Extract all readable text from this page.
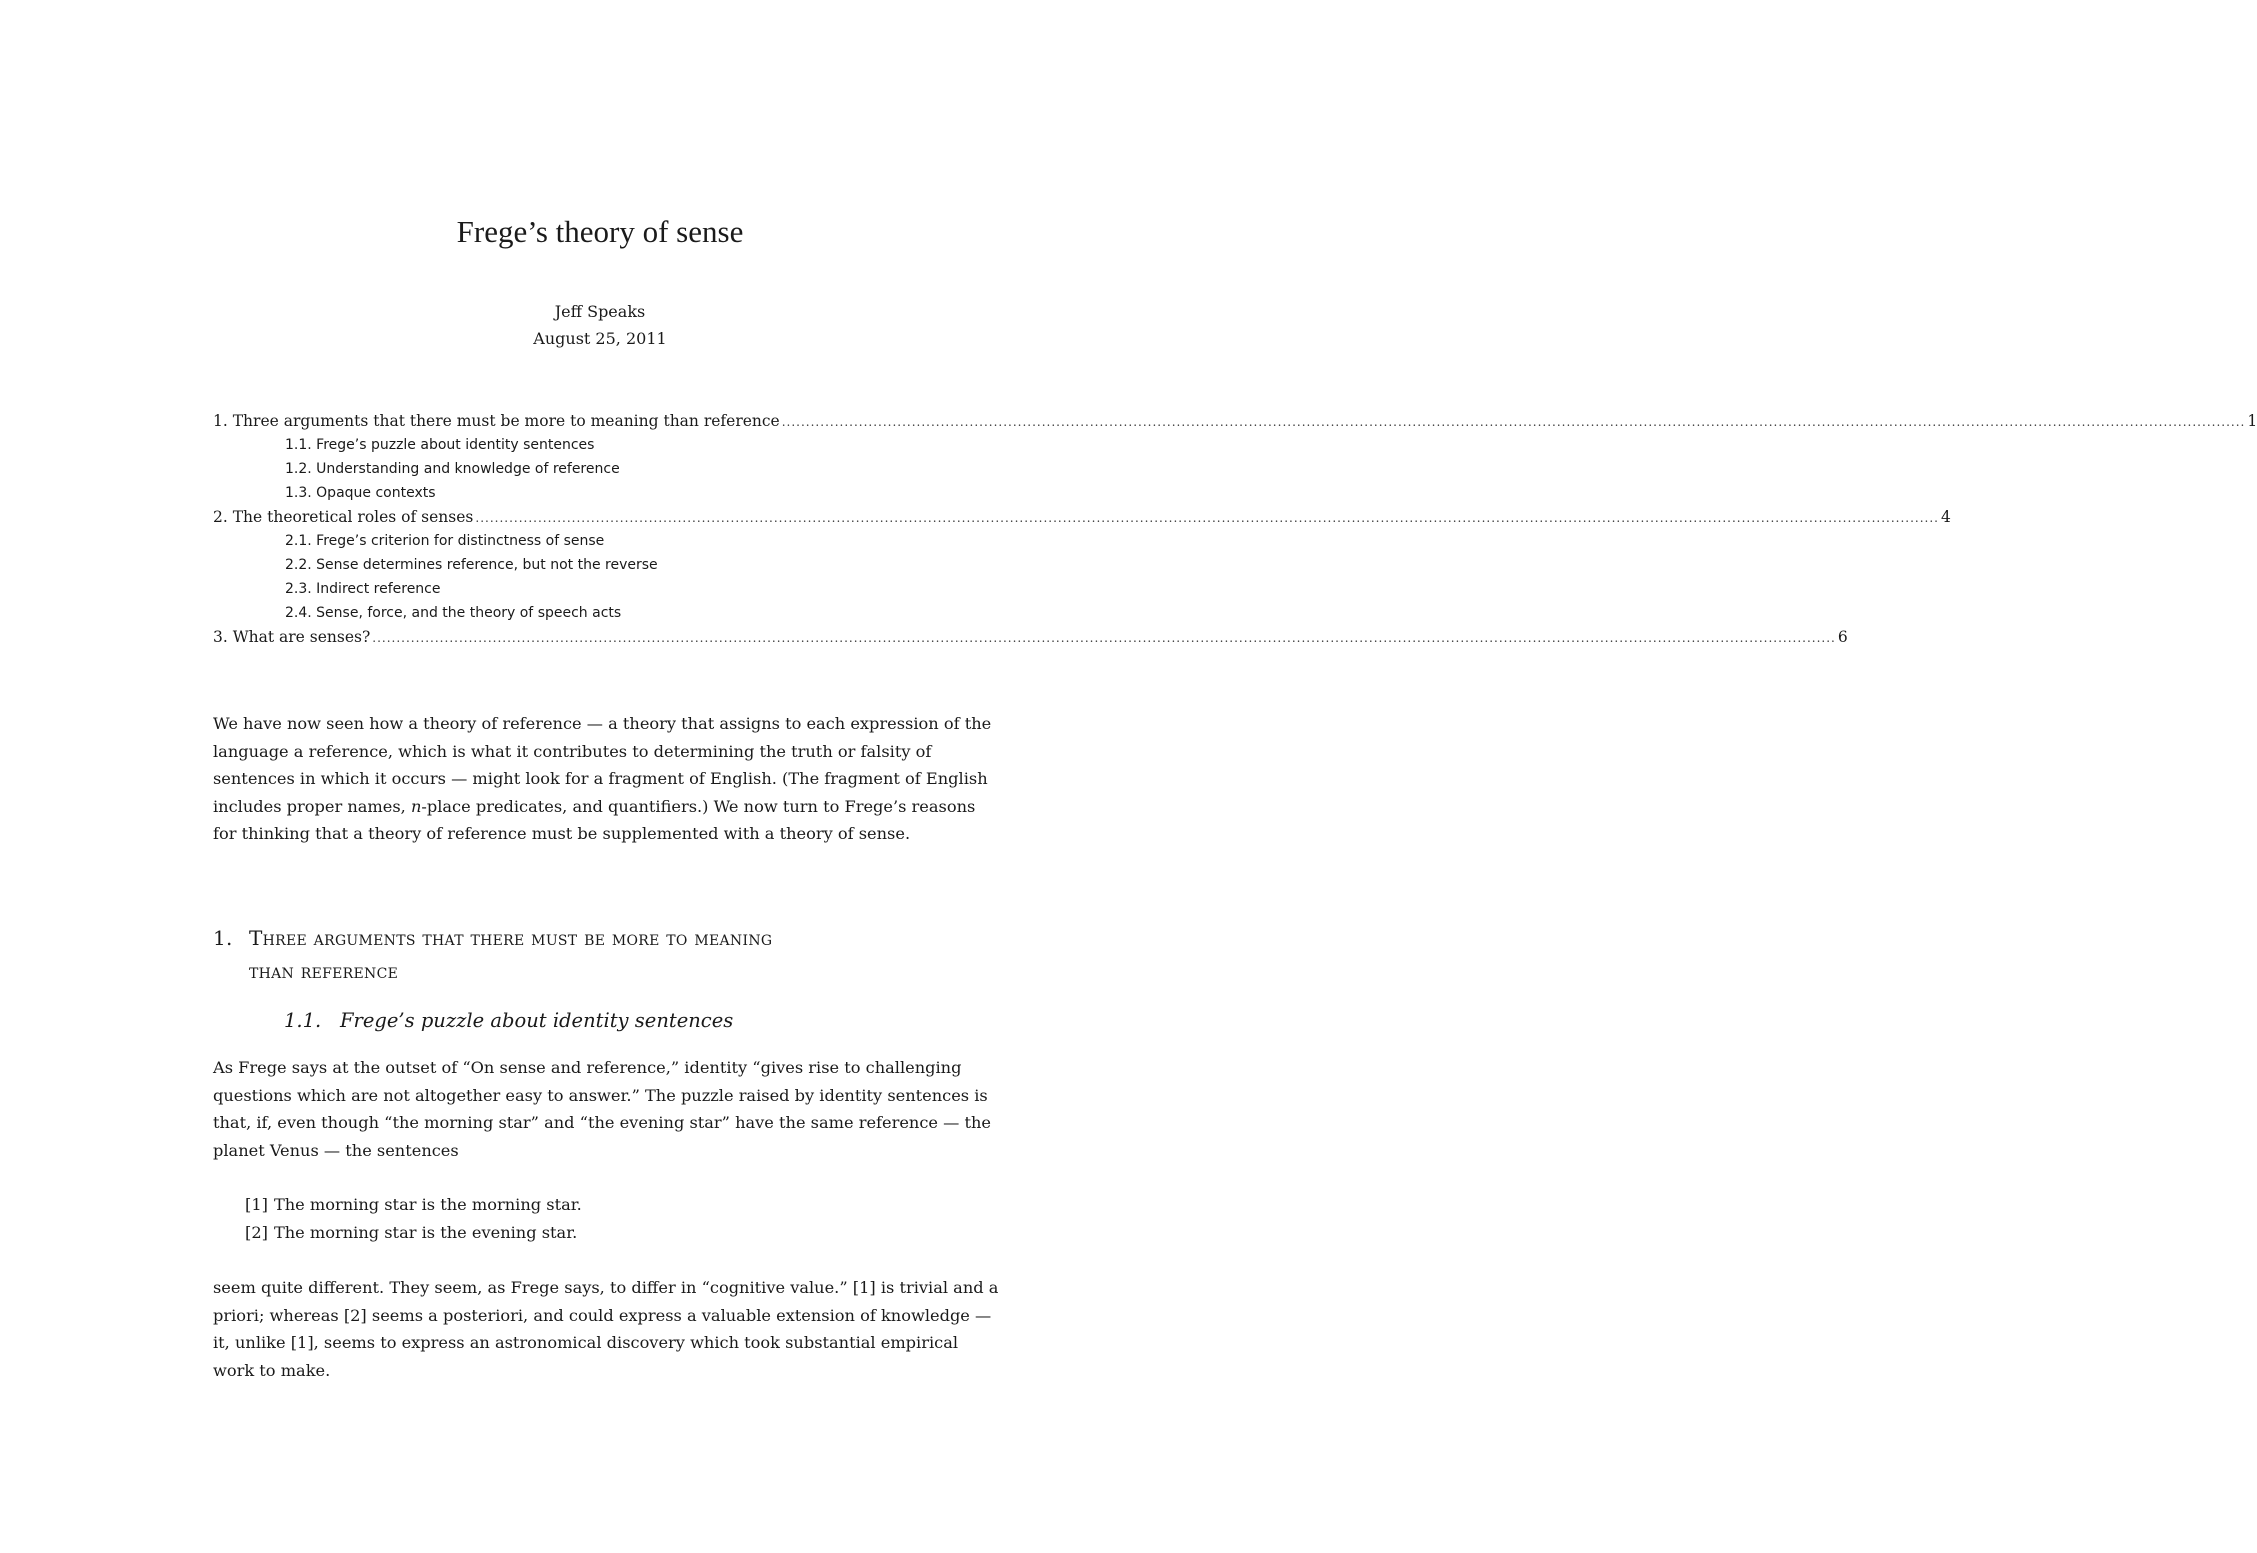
Frege’s theory of sense
Jeff Speaks
August 25, 2011
1. Three arguments that there must be more to meaning than reference ................................................................................................................................................................................................................................................................................................................ 1
1.1. Frege’s puzzle about identity sentences
1.2. Understanding and knowledge of reference
1.3. Opaque contexts
2. The theoretical roles of senses ................................................................................................................................................................................................................................................................................................................ 4
2.1. Frege’s criterion for distinctness of sense
2.2. Sense determines reference, but not the reverse
2.3. Indirect reference
2.4. Sense, force, and the theory of speech acts
3. What are senses? ................................................................................................................................................................................................................................................................................................................ 6

We have now seen how a theory of reference — a theory that assigns to each expression of the language a reference, which is what it contributes to determining the truth or falsity of sentences in which it occurs — might look for a fragment of English. (The fragment of English includes proper names, n-place predicates, and quantifiers.) We now turn to Frege’s reasons for thinking that a theory of reference must be supplemented with a theory of sense.

1. Three arguments that there must be more to meaning
than reference
1.1. Frege’s puzzle about identity sentences

As Frege says at the outset of “On sense and reference,” identity “gives rise to challenging questions which are not altogether easy to answer.” The puzzle raised by identity sentences is that, if, even though “the morning star” and “the evening star” have the same reference — the planet Venus — the sentences

[1] The morning star is the morning star.
[2] The morning star is the evening star.

seem quite different. They seem, as Frege says, to differ in “cognitive value.” [1] is trivial and a priori; whereas [2] seems a posteriori, and could express a valuable extension of knowledge — it, unlike [1], seems to express an astronomical discovery which took substantial empirical work to make.
